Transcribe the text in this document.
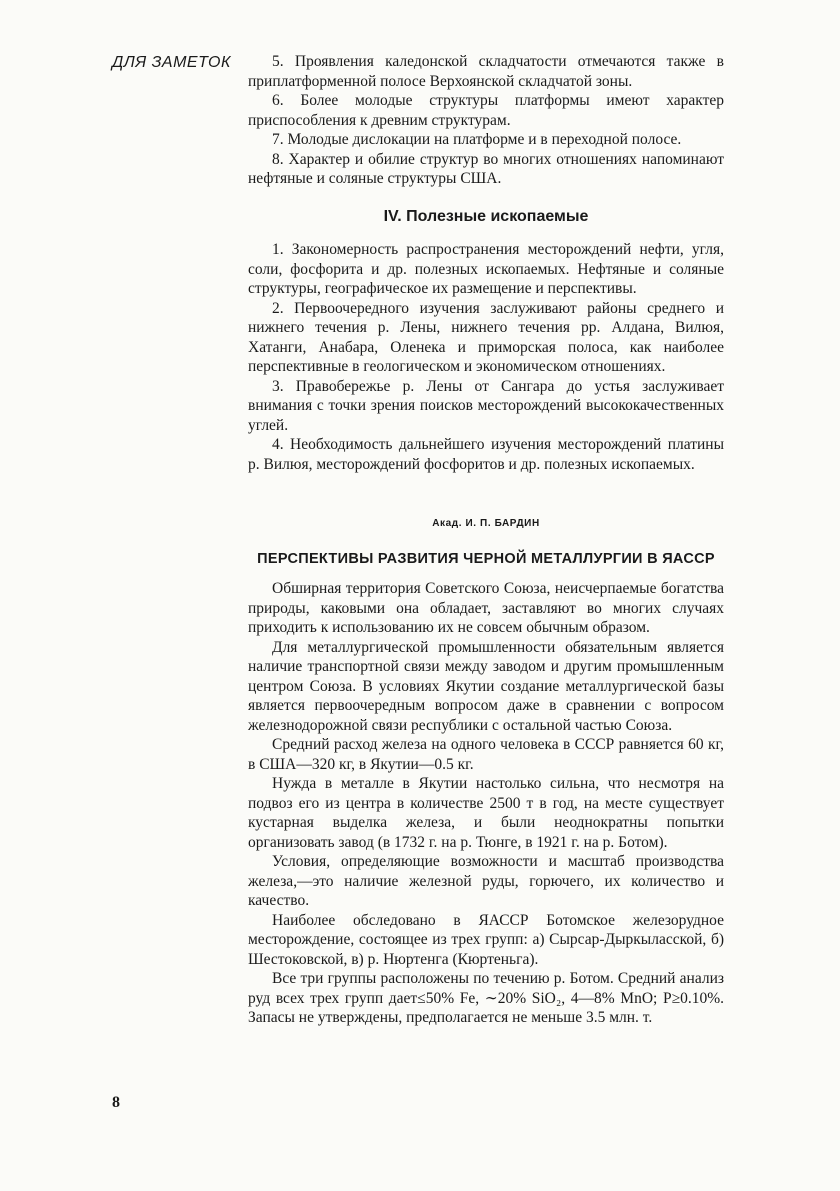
ДЛЯ ЗАМЕТОК	5. Проявления каледонской складчатости отмечаются также в приплатформенной полосе Верхоянской складчатой зоны.

6. Более молодые структуры платформы имеют характер приспособления к древним структурам.

7. Молодые дислокации на платформе и в переходной полосе.

8. Характер и обилие структур во многих отношениях напоминают нефтяные и соляные структуры США.

IV. Полезные ископаемые

1. Закономерность распространения месторождений нефти, угля, соли, фосфорита и др. полезных ископаемых. Нефтяные и соляные структуры, географическое их размещение и перспективы.

2. Первоочередного изучения заслуживают районы среднего и нижнего течения р. Лены, нижнего течения рр. Алдана, Вилюя, Хатанги, Анабара, Оленека и приморская полоса, как наиболее перспективные в геологическом и экономическом отношениях.

3. Правобережье р. Лены от Сангара до устья заслуживает внимания с точки зрения поисков месторождений высококачественных углей.

4. Необходимость дальнейшего изучения месторождений платины р. Вилюя, месторождений фосфоритов и др. полезных ископаемых.

Акад. И. П. БАРДИН
ПЕРСПЕКТИВЫ РАЗВИТИЯ ЧЕРНОЙ МЕТАЛЛУРГИИ В ЯАССР

Обширная территория Советского Союза, неисчерпаемые богатства природы, каковыми она обладает, заставляют во многих случаях приходить к использованию их не совсем обычным образом.

Для металлургической промышленности обязательным является наличие транспортной связи между заводом и другим промышленным центром Союза. В условиях Якутии создание металлургической базы является первоочередным вопросом даже в сравнении с вопросом железнодорожной связи республики с остальной частью Союза.

Средний расход железа на одного человека в СССР равняется 60 кг, в США—320 кг, в Якутии—0.5 кг.

Нужда в металле в Якутии настолько сильна, что несмотря на подвоз его из центра в количестве 2500 т в год, на месте существует кустарная выделка железа, и были неоднократны попытки организовать завод (в 1732 г. на р. Тюнге, в 1921 г. на р. Ботом).

Условия, определяющие возможности и масштаб производства железа,—это наличие железной руды, горючего, их количество и качество.

Наиболее обследовано в ЯАССР Ботомское железорудное месторождение, состоящее из трех групп: а) Сырсар-Дыркыласской, б) Шестоковской, в) р. Нюртенга (Кюртеньга).

Все три группы расположены по течению р. Ботом. Средний анализ руд всех трех групп дает≤50% Fe, ∼20% SiO₂, 4—8% MnO; P≥0.10%. Запасы не утверждены, предполагается не меньше 3.5 млн. т.

8
